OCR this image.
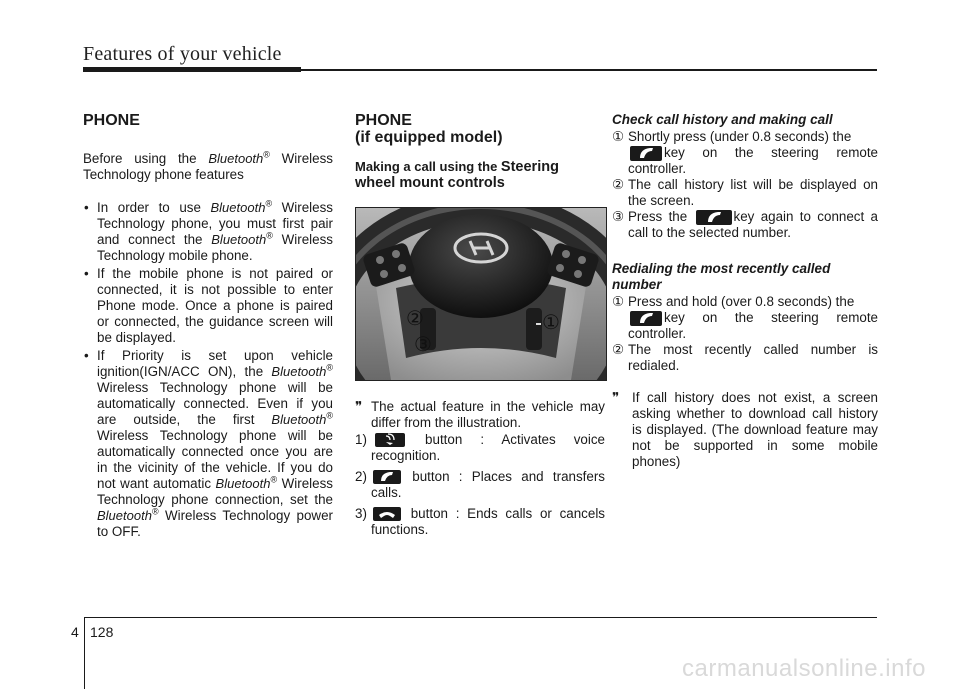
Features of your vehicle

PHONE

Before using the Bluetooth® Wireless Technology phone features

• In order to use Bluetooth® Wireless Technology phone, you must first pair and connect the Bluetooth® Wireless Technology mobile phone.

• If the mobile phone is not paired or connected, it is not possible to enter Phone mode. Once a phone is paired or connected, the guidance screen will be displayed.

• If Priority is set upon vehicle ignition(IGN/ACC ON), the Bluetooth® Wireless Technology phone will be automatically connected. Even if you are outside, the first Bluetooth® Wireless Technology phone will be automatically connected once you are in the vicinity of the vehicle. If you do not want automatic Bluetooth® Wireless Technology phone connection, set the Bluetooth® Wireless Technology power to OFF.

PHONE

(if equipped model)

Making a call using the Steering
wheel mount controls

②
③
①

❞ The actual feature in the vehicle may differ from the illustration.

1)	button : Activates voice recognition.

2)	button : Places and transfers calls.

3)	button : Ends calls or cancels functions.

Check call history and making call

① Shortly press (under 0.8 seconds) the

key on the steering remote controller.

② The call history list will be displayed on the screen.

③ Press the	key again to connect a call to the selected number.

Redialing the most recently called number

① Press and hold (over 0.8 seconds) the

key on the steering remote controller.

② The most recently called number is redialed.

❞ If call history does not exist, a screen asking whether to download call history is displayed. (The download feature may not be supported in some mobile phones)

4 128
carmanualsonline.info
